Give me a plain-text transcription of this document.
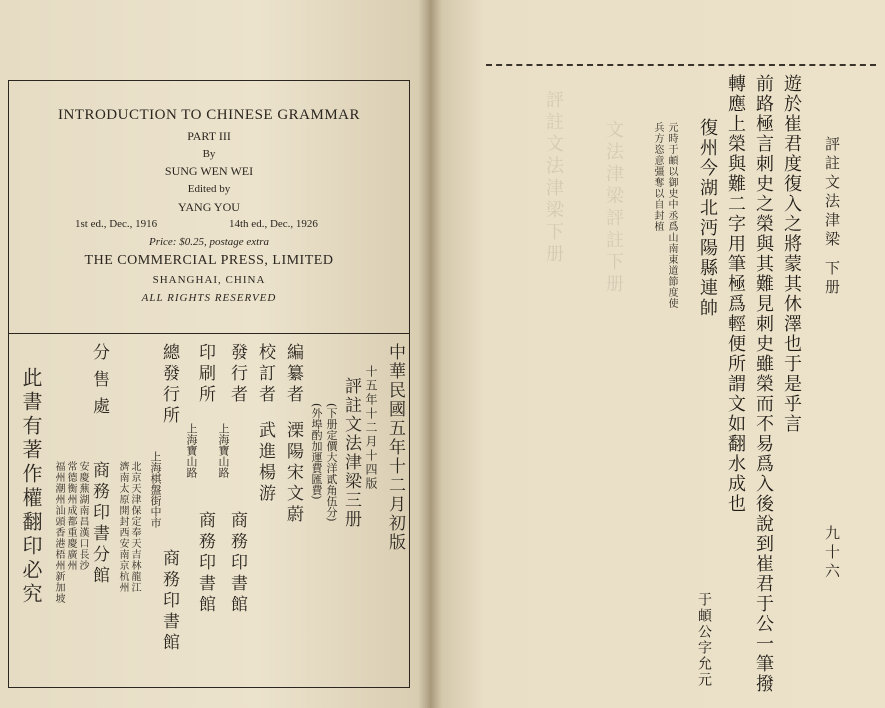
評註文法津梁下册 文法津梁評註下册
INTRODUCTION TO CHINESE GRAMMAR
PART III
By
SUNG WEN WEI
Edited by
YANG YOU
1st ed., Dec., 1916	14th ed., Dec., 1926
Price: $0.25, postage extra
THE COMMERCIAL PRESS, LIMITED
SHANGHAI, CHINA
ALL RIGHTS RESERVED
中華民國五年十二月初版
十五年十二月十四版
評註文法津梁三册
(下册定價大洋貳角伍分)
(外埠酌加運費匯費)
編纂者
溧陽宋文蔚
校訂者
武進楊游
發行者
上海寶山路
商務印書館
印刷所
上海寶山路
商務印書館
總發行所
上海棋盤街中市
商務印書館
分售處
商務印書分館	北京天津保定奉天吉林龍江
濟南太原開封西安南京杭州
安慶蕪湖南昌漢口長沙
常德衡州成都重慶廣州
福州潮州汕頭香港梧州新加坡
此書有著作權翻印必究
評註文法津梁
下册
九十六
遊於崔君度復入之將蒙其休澤也于是乎言
前路極言刺史之榮與其難見刺史雖榮而不易爲入後說到崔君于公一筆撥
轉應上榮與難二字用筆極爲輕便所謂文如翻水成也
復州今湖北沔陽縣連帥
元時于頔以御史中丞爲山南東道節度使
兵方恣意彊奪以自封植
于頔公字允元
